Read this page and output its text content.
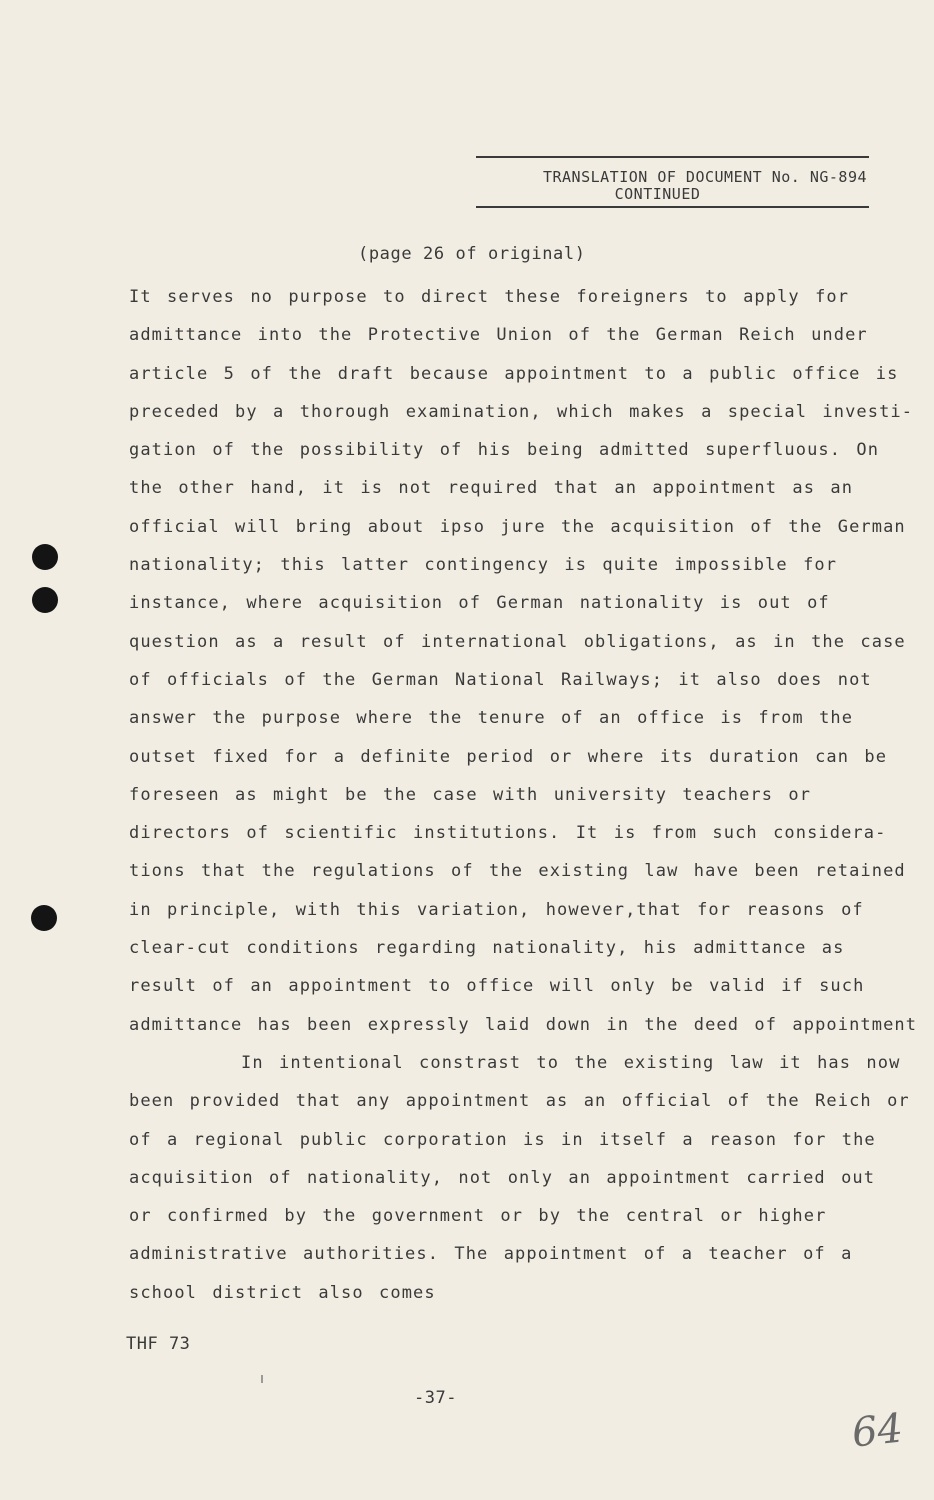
TRANSLATION OF DOCUMENT No. NG-894
CONTINUED
(page 26 of original)
It serves no purpose to direct these foreigners to apply for
admittance into the Protective Union of the German Reich under
article 5 of the draft because appointment to a public office is
preceded by a thorough examination, which makes a special investi-
gation of the possibility of his being admitted superfluous. On
the other hand, it is not required that an appointment as an
official will bring about ipso jure the acquisition of the German
nationality; this latter contingency is quite impossible for
instance, where acquisition of German nationality is out of
question as a result of international obligations, as in the case
of officials of the German National Railways; it also does not
answer the purpose where the tenure of an office is from the
outset fixed for a definite period or where its duration can be
foreseen as might be the case with university teachers or
directors of scientific institutions. It is from such considera-
tions that the regulations of the existing law have been retained
in principle, with this variation, however,that for reasons of
clear-cut conditions regarding nationality, his admittance as
result of an appointment to office will only be valid if such
admittance has been expressly laid down in the deed of appointment
In intentional constrast to the existing law it has now
been provided that any appointment as an official of the Reich or
of a regional public corporation is in itself a reason for the
acquisition of nationality, not only an appointment carried out
or confirmed by the government or by the central or higher
administrative authorities. The appointment of a teacher of a
school district also comes
THF 73
-37-
64
